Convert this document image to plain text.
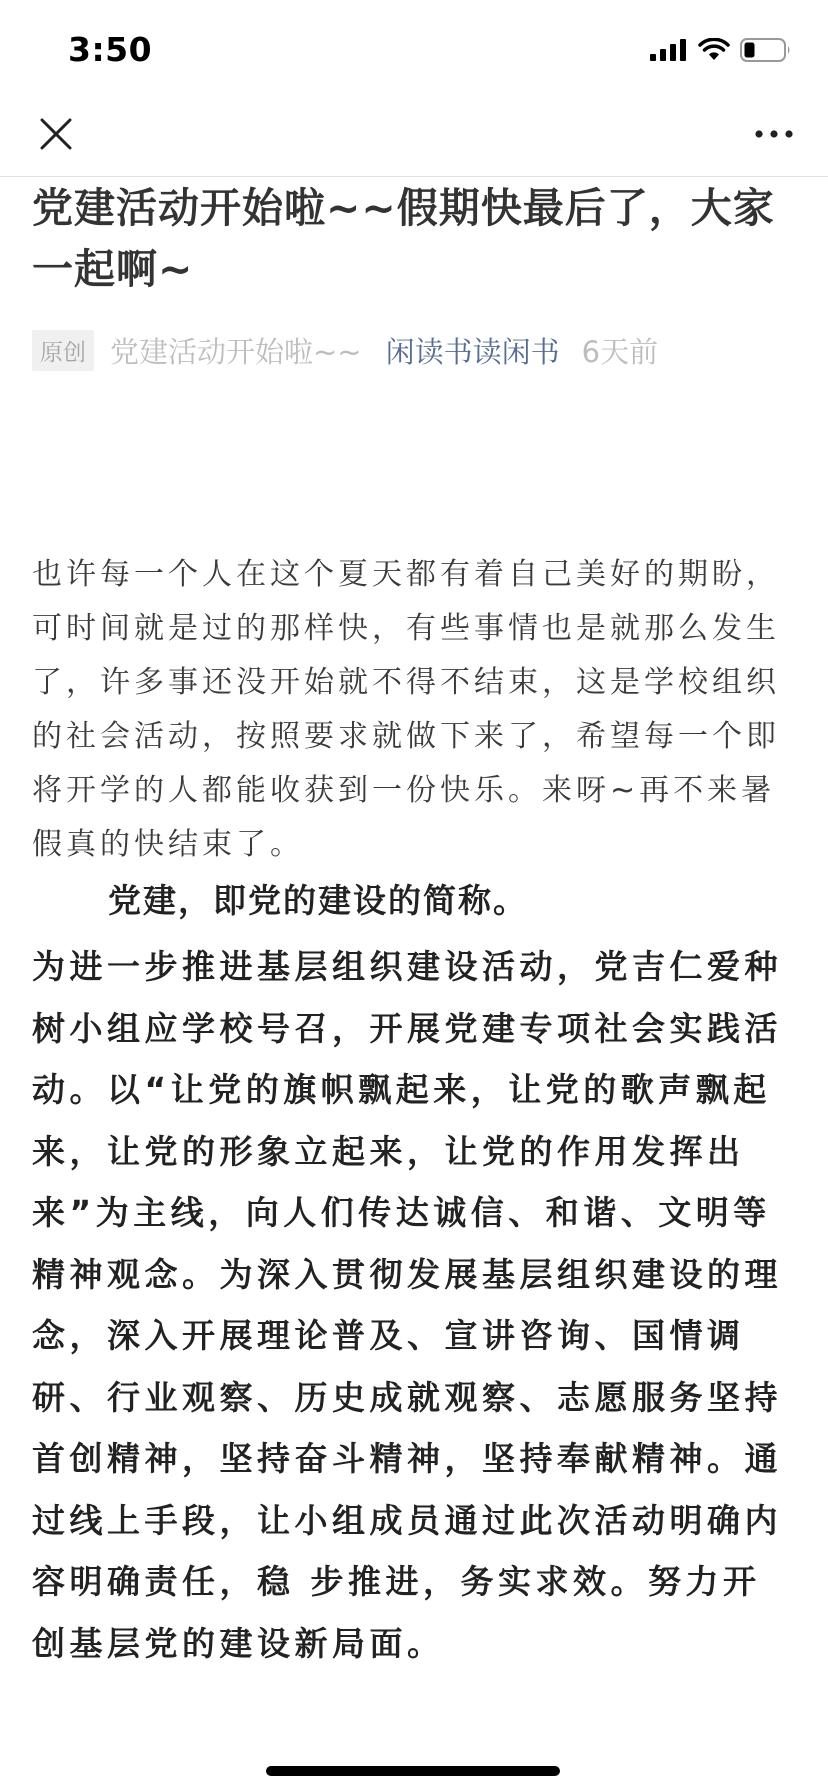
3:50
党建活动开始啦~~假期快最后了，大家一起啊~
原创 党建活动开始啦~~ 闲读书读闲书 6天前

也许每一个人在这个夏天都有着自己美好的期盼，可时间就是过的那样快，有些事情也是就那么发生了，许多事还没开始就不得不结束，这是学校组织的社会活动，按照要求就做下来了，希望每一个即将开学的人都能收获到一份快乐。来呀~再不来暑假真的快结束了。

党建，即党的建设的简称。

为进一步推进基层组织建设活动，党吉仁爱种树小组应学校号召，开展党建专项社会实践活动。以“让党的旗帜飘起来，让党的歌声飘起来，让党的形象立起来，让党的作用发挥出来”为主线，向人们传达诚信、和谐、文明等精神观念。为深入贯彻发展基层组织建设的理念，深入开展理论普及、宣讲咨询、国情调研、行业观察、历史成就观察、志愿服务坚持首创精神，坚持奋斗精神，坚持奉献精神。通过线上手段，让小组成员通过此次活动明确内容明确责任，稳 步推进，务实求效。努力开创基层党的建设新局面。
